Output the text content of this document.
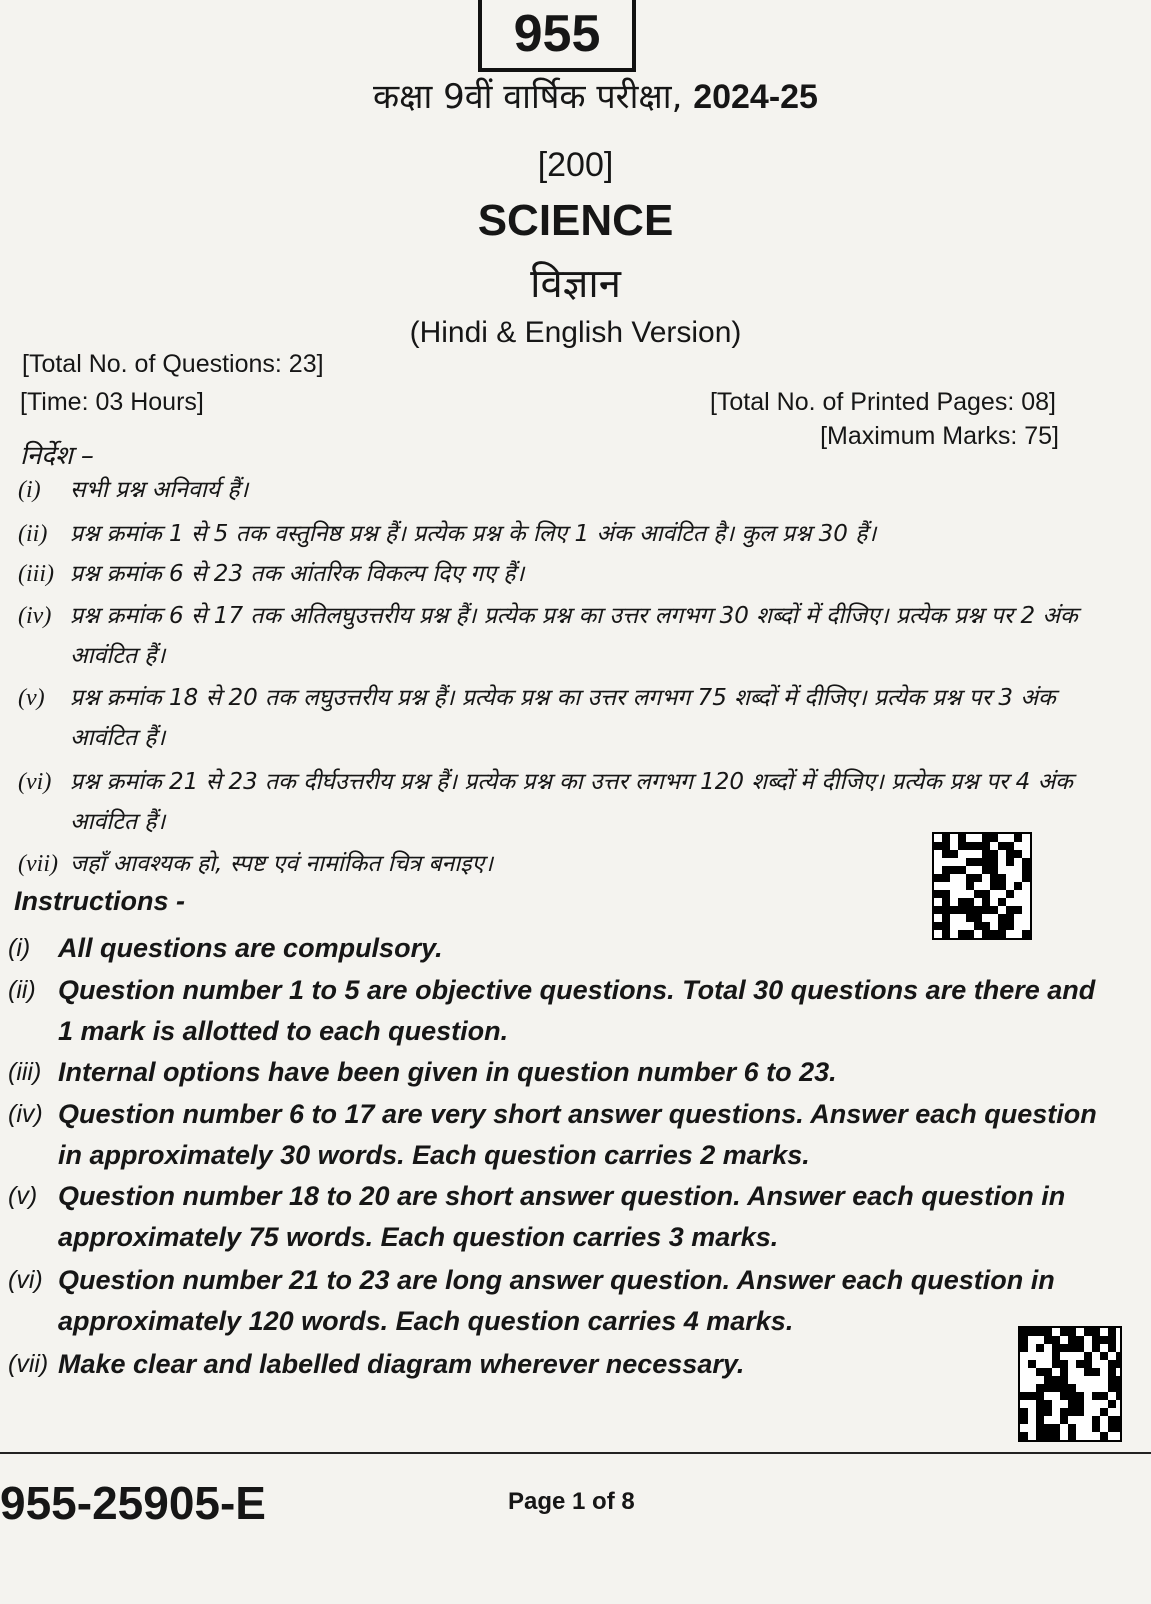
955
कक्षा 9वीं वार्षिक परीक्षा, 2024-25
[200]
SCIENCE
विज्ञान
(Hindi & English Version)
[Total No. of Questions: 23]
[Time: 03 Hours]	[Total No. of Printed Pages: 08]
[Maximum Marks: 75]
निर्देश –
(i)	सभी प्रश्न अनिवार्य हैं।
(ii) प्रश्न क्रमांक 1 से 5 तक वस्तुनिष्ठ प्रश्न हैं। प्रत्येक प्रश्न के लिए 1 अंक आवंटित है। कुल प्रश्न 30 हैं।
(iii) प्रश्न क्रमांक 6 से 23 तक आंतरिक विकल्प दिए गए हैं।
(iv) प्रश्न क्रमांक 6 से 17 तक अतिलघुउत्तरीय प्रश्न हैं। प्रत्येक प्रश्न का उत्तर लगभग 30 शब्दों में दीजिए। प्रत्येक प्रश्न पर 2 अंक आवंटित हैं।
(v)	प्रश्न क्रमांक 18 से 20 तक लघुउत्तरीय प्रश्न हैं। प्रत्येक प्रश्न का उत्तर लगभग 75 शब्दों में दीजिए। प्रत्येक प्रश्न पर 3 अंक आवंटित हैं।
(vi) प्रश्न क्रमांक 21 से 23 तक दीर्घउत्तरीय प्रश्न हैं। प्रत्येक प्रश्न का उत्तर लगभग 120 शब्दों में दीजिए। प्रत्येक प्रश्न पर 4 अंक आवंटित हैं।
(vii) जहाँ आवश्यक हो, स्पष्ट एवं नामांकित चित्र बनाइए।
Instructions -
(i)	All questions are compulsory.
(ii) Question number 1 to 5 are objective questions. Total 30 questions are there and 1 mark is allotted to each question.
(iii) Internal options have been given in question number 6 to 23.
(iv) Question number 6 to 17 are very short answer questions. Answer each question in approximately 30 words. Each question carries 2 marks.
(v) Question number 18 to 20 are short answer question. Answer each question in approximately 75 words. Each question carries 3 marks.
(vi) Question number 21 to 23 are long answer question. Answer each question in approximately 120 words. Each question carries 4 marks.
(vii) Make clear and labelled diagram wherever necessary.
955-25905-E	Page 1 of 8
